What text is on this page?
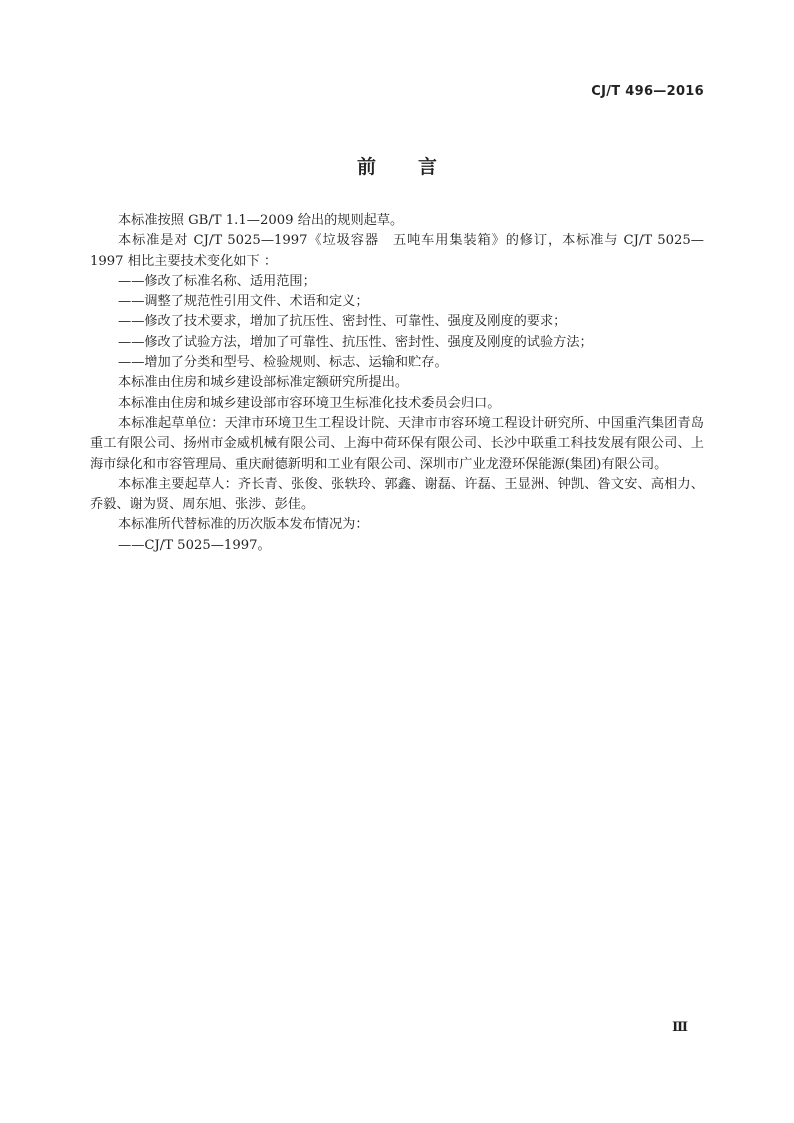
CJ/T 496—2016
前 言

本标准按照 GB/T 1.1—2009 给出的规则起草。

本标准是对 CJ/T 5025—1997《垃圾容器　五吨车用集装箱》的修订，本标准与 CJ/T 5025—1997 相比主要技术变化如下 ：

——修改了标准名称、适用范围；

——调整了规范性引用文件、术语和定义；

——修改了技术要求，增加了抗压性、密封性、可靠性、强度及刚度的要求；

——修改了试验方法，增加了可靠性、抗压性、密封性、强度及刚度的试验方法；

——增加了分类和型号、检验规则、标志、运输和贮存。

本标准由住房和城乡建设部标准定额研究所提出。

本标准由住房和城乡建设部市容环境卫生标准化技术委员会归口。

本标准起草单位：天津市环境卫生工程设计院、天津市市容环境工程设计研究所、中国重汽集团青岛重工有限公司、扬州市金威机械有限公司、上海中荷环保有限公司、长沙中联重工科技发展有限公司、上海市绿化和市容管理局、重庆耐德新明和工业有限公司、深圳市广业龙澄环保能源(集团)有限公司。

本标准主要起草人：齐长青、张俊、张轶玲、郭鑫、谢磊、许磊、王显洲、钟凯、昝文安、高相力、乔毅、谢为贤、周东旭、张涉、彭佳。

本标准所代替标准的历次版本发布情况为：

——CJ/T 5025—1997。

Ⅲ
